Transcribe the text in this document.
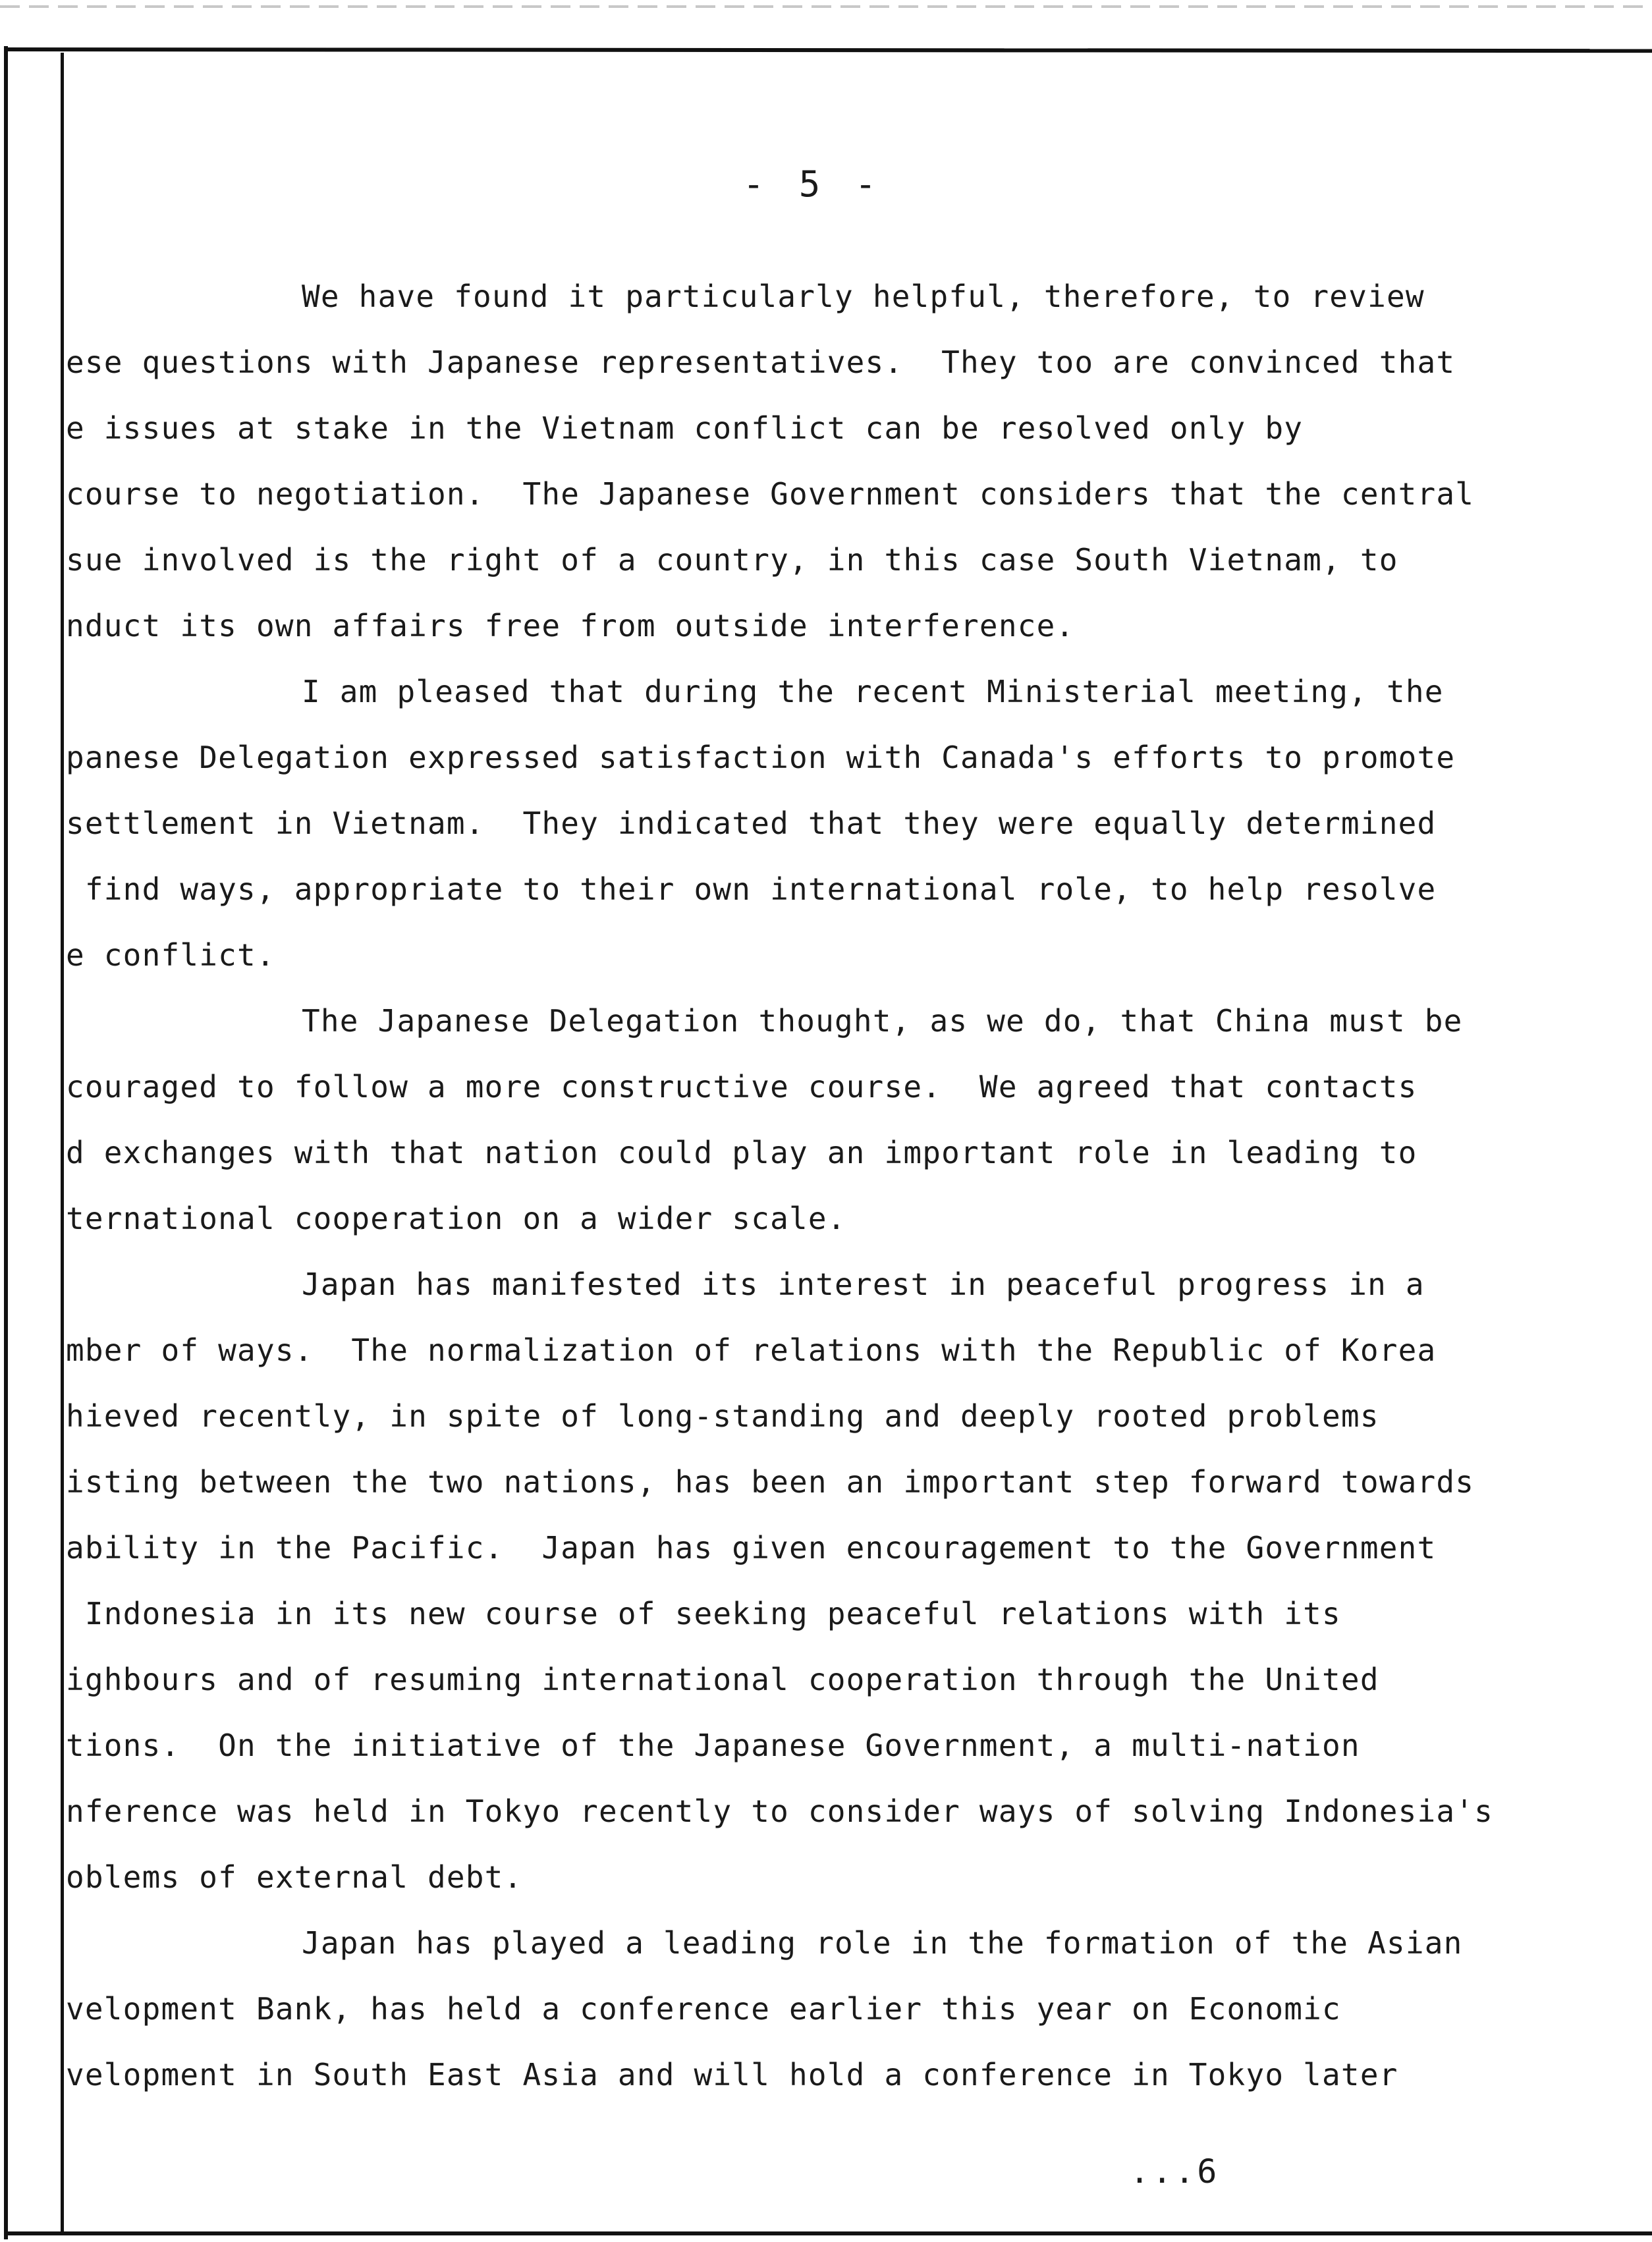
- 5 -
We have found it particularly helpful, therefore, to review
ese questions with Japanese representatives.  They too are convinced that
e issues at stake in the Vietnam conflict can be resolved only by
course to negotiation.  The Japanese Government considers that the central
sue involved is the right of a country, in this case South Vietnam, to
nduct its own affairs free from outside interference.
I am pleased that during the recent Ministerial meeting, the
panese Delegation expressed satisfaction with Canada's efforts to promote
settlement in Vietnam.  They indicated that they were equally determined
find ways, appropriate to their own international role, to help resolve
e conflict.
The Japanese Delegation thought, as we do, that China must be
couraged to follow a more constructive course.  We agreed that contacts
d exchanges with that nation could play an important role in leading to
ternational cooperation on a wider scale.
Japan has manifested its interest in peaceful progress in a
mber of ways.  The normalization of relations with the Republic of Korea
hieved recently, in spite of long-standing and deeply rooted problems
isting between the two nations, has been an important step forward towards
ability in the Pacific.  Japan has given encouragement to the Government
Indonesia in its new course of seeking peaceful relations with its
ighbours and of resuming international cooperation through the United
tions.  On the initiative of the Japanese Government, a multi-nation
nference was held in Tokyo recently to consider ways of solving Indonesia's
oblems of external debt.
Japan has played a leading role in the formation of the Asian
velopment Bank, has held a conference earlier this year on Economic
velopment in South East Asia and will hold a conference in Tokyo later
...6
